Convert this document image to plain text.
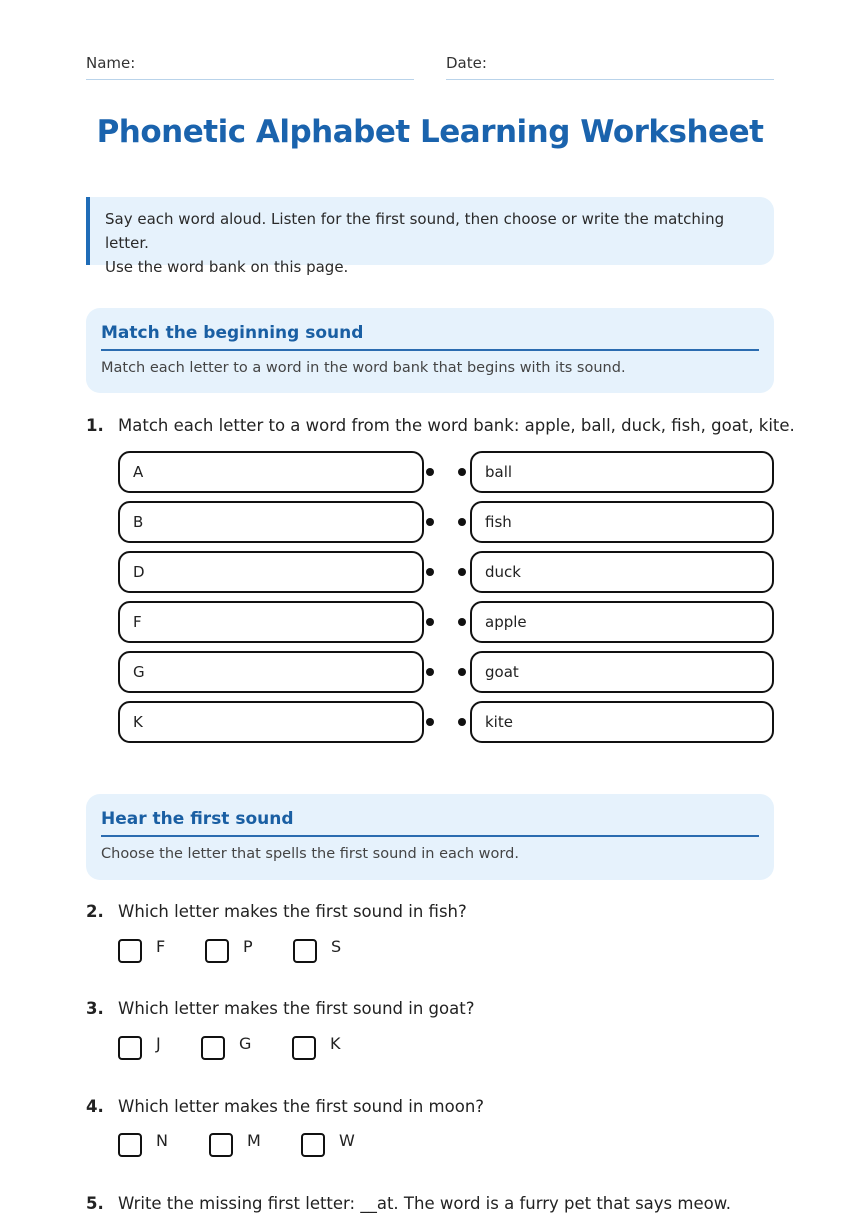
Name:	Date:
Phonetic Alphabet Learning Worksheet
Say each word aloud. Listen for the first sound, then choose or write the matching letter.
Use the word bank on this page.
Match the beginning sound
Match each letter to a word in the word bank that begins with its sound.
1. Match each letter to a word from the word bank: apple, ball, duck, fish, goat, kite.
A	ball
B	fish
D	duck
F	apple
G	goat
K	kite
Hear the first sound
Choose the letter that spells the first sound in each word.
2. Which letter makes the first sound in fish?
F	P	S
3. Which letter makes the first sound in goat?
J	G	K
4. Which letter makes the first sound in moon?
N	M	W
5. Write the missing first letter: __at. The word is a furry pet that says meow.
